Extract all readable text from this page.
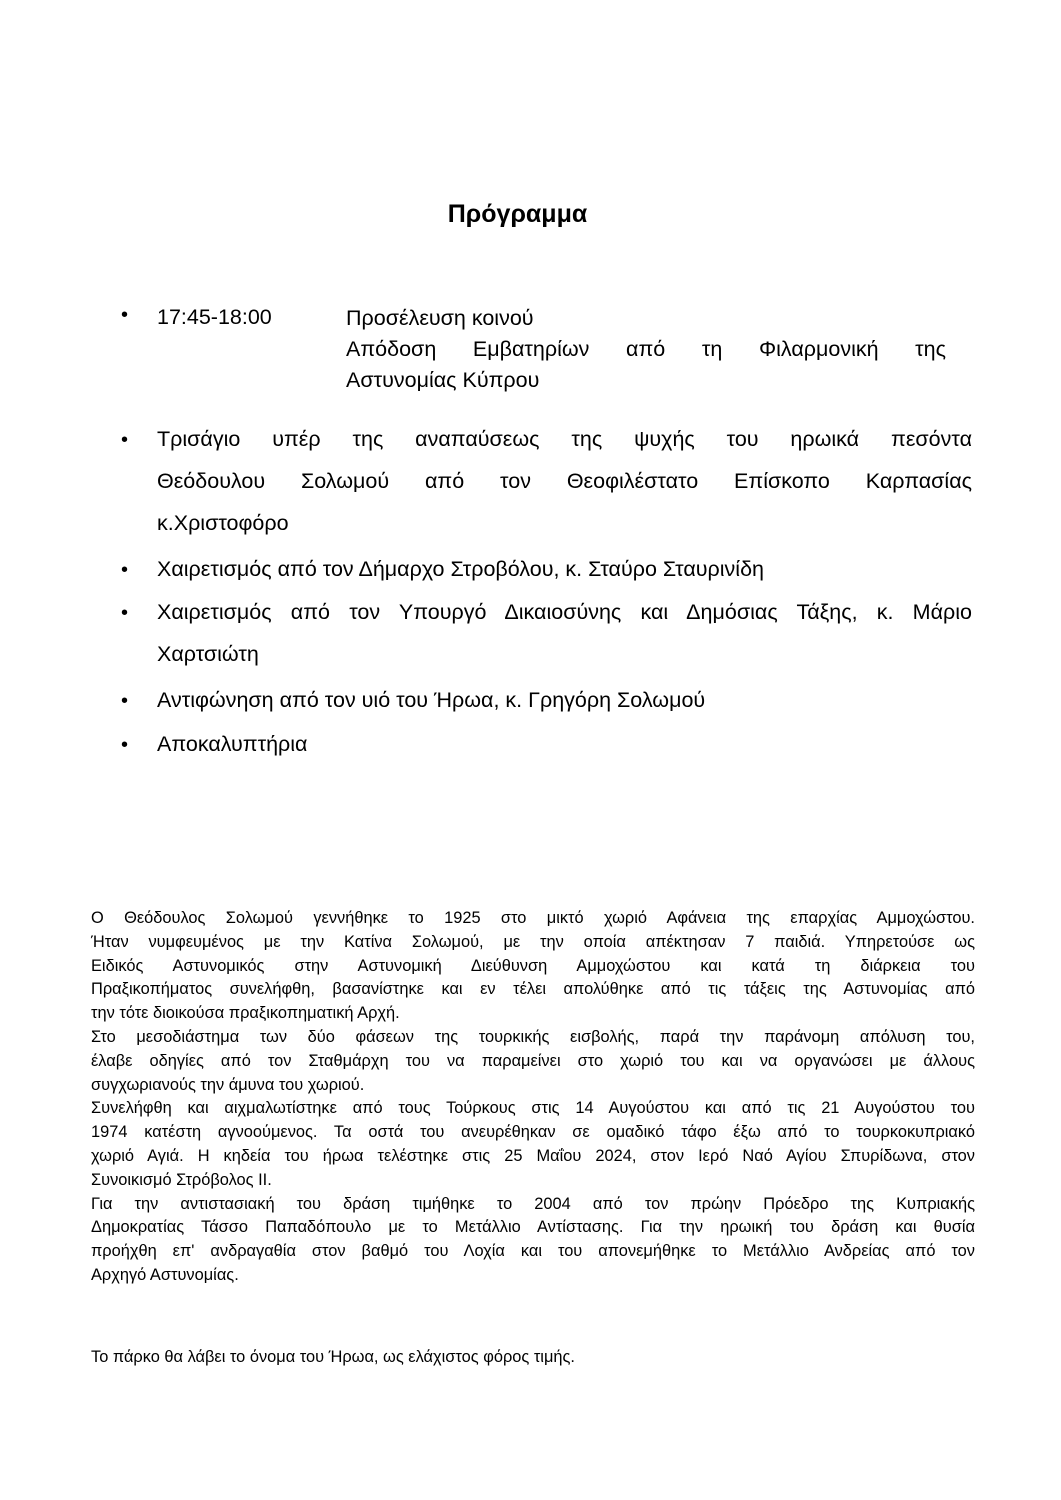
Πρόγραμμα
• 17:45-18:00	Προσέλευση κοινού
Απόδοση Εμβατηρίων από τη Φιλαρμονική της
Αστυνομίας Κύπρου
• Τρισάγιο υπέρ της αναπαύσεως της ψυχής του ηρωικά πεσόντα
Θεόδουλου Σολωμού από τον Θεοφιλέστατο Επίσκοπο Καρπασίας
κ.Χριστοφόρο
• Χαιρετισμός από τον Δήμαρχο Στροβόλου, κ. Σταύρο Σταυρινίδη
• Χαιρετισμός από τον Υπουργό Δικαιοσύνης και Δημόσιας Τάξης, κ. Μάριο
Χαρτσιώτη
• Αντιφώνηση από τον υιό του Ήρωα, κ. Γρηγόρη Σολωμού
• Αποκαλυπτήρια
Ο Θεόδουλος Σολωμού γεννήθηκε το 1925 στο μικτό χωριό Αφάνεια της επαρχίας Αμμοχώστου.
Ήταν νυμφευμένος με την Κατίνα Σολωμού, με την οποία απέκτησαν 7 παιδιά. Υπηρετούσε ως
Ειδικός Αστυνομικός στην Αστυνομική Διεύθυνση Αμμοχώστου και κατά τη διάρκεια του
Πραξικοπήματος συνελήφθη, βασανίστηκε και εν τέλει απολύθηκε από τις τάξεις της Αστυνομίας από
την τότε διοικούσα πραξικοπηματική Αρχή.
Στο μεσοδιάστημα των δύο φάσεων της τουρκικής εισβολής, παρά την παράνομη απόλυση του,
έλαβε οδηγίες από τον Σταθμάρχη του να παραμείνει στο χωριό του και να οργανώσει με άλλους
συγχωριανούς την άμυνα του χωριού.
Συνελήφθη και αιχμαλωτίστηκε από τους Τούρκους στις 14 Αυγούστου και από τις 21 Αυγούστου του
1974 κατέστη αγνοούμενος. Τα οστά του ανευρέθηκαν σε ομαδικό τάφο έξω από το τουρκοκυπριακό
χωριό Αγιά. Η κηδεία του ήρωα τελέστηκε στις 25 Μαΐου 2024, στον Ιερό Ναό Αγίου Σπυρίδωνα, στον
Συνοικισμό Στρόβολος ΙΙ.
Για την αντιστασιακή του δράση τιμήθηκε το 2004 από τον πρώην Πρόεδρο της Κυπριακής
Δημοκρατίας Τάσσο Παπαδόπουλο με το Μετάλλιο Αντίστασης. Για την ηρωική του δράση και θυσία
προήχθη επ' ανδραγαθία στον βαθμό του Λοχία και του απονεμήθηκε το Μετάλλιο Ανδρείας από τον
Αρχηγό Αστυνομίας.

Το πάρκο θα λάβει το όνομα του Ήρωα, ως ελάχιστος φόρος τιμής.
